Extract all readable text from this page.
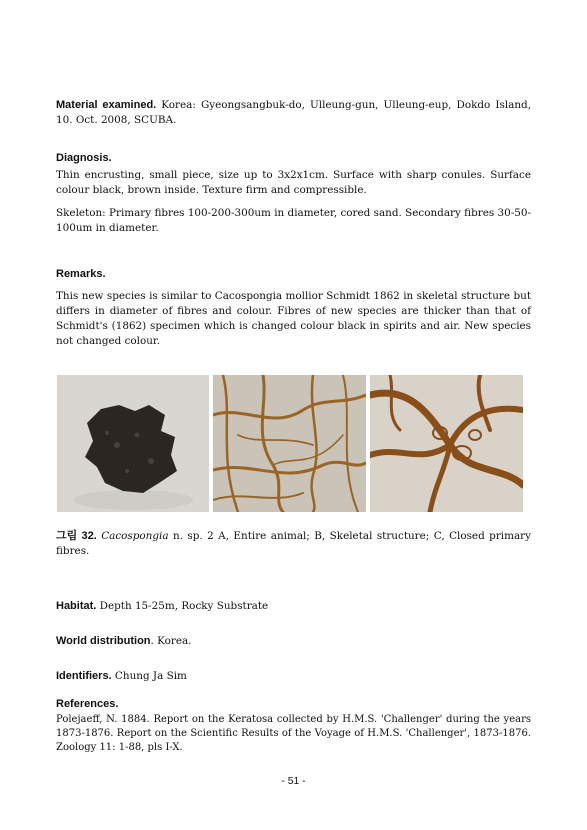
Material examined. Korea: Gyeongsangbuk-do, Ulleung-gun, Ulleung-eup, Dokdo Island, 10. Oct. 2008, SCUBA.
Diagnosis.
Thin encrusting, small piece, size up to 3x2x1cm. Surface with sharp conules. Surface colour black, brown inside. Texture firm and compressible.
Skeleton: Primary fibres 100-200-300um in diameter, cored sand. Secondary fibres 30-50-100um in diameter.
Remarks.
This new species is similar to Cacospongia mollior Schmidt 1862 in skeletal structure but differs in diameter of fibres and colour. Fibres of new species are thicker than that of Schmidt's (1862) specimen which is changed colour black in spirits and air. New species not changed colour.
그림 32. Cacospongia n. sp. 2 A, Entire animal; B, Skeletal structure; C, Closed primary fibres.
Habitat. Depth 15-25m, Rocky Substrate
World distribution. Korea.
Identifiers. Chung Ja Sim
References.
Polejaeff, N. 1884. Report on the Keratosa collected by H.M.S. 'Challenger' during the years 1873-1876. Report on the Scientific Results of the Voyage of H.M.S. 'Challenger', 1873-1876. Zoology 11: 1-88, pls I-X.
- 51 -
